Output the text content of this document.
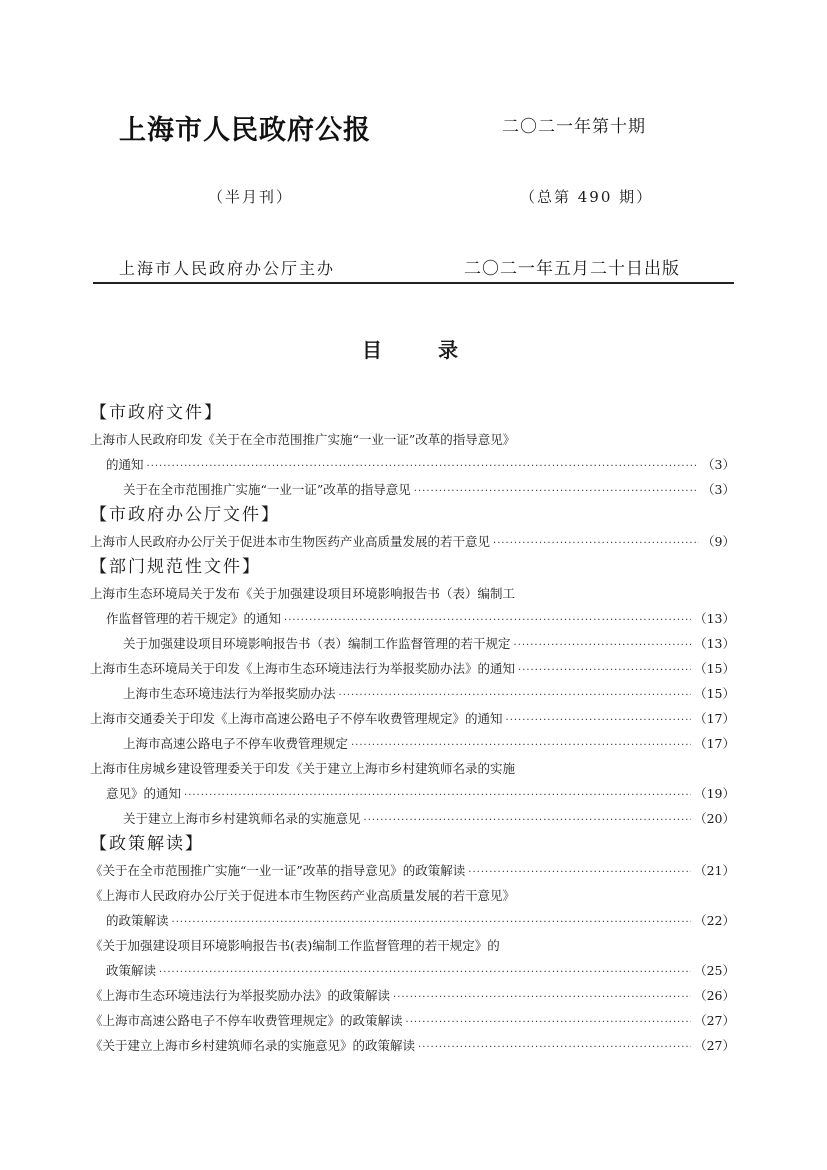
上海市人民政府公报	二〇二一年第十期
（半月刊）	（总第 490 期）
上海市人民政府办公厅主办	二〇二一年五月二十日出版
目	录
【市政府文件】
上海市人民政府印发《关于在全市范围推广实施“一业一证”改革的指导意见》
的通知 ·····	（3）
关于在全市范围推广实施“一业一证”改革的指导意见 ·····	（3）
【市政府办公厅文件】
上海市人民政府办公厅关于促进本市生物医药产业高质量发展的若干意见 ·····	（9）
【部门规范性文件】
上海市生态环境局关于发布《关于加强建设项目环境影响报告书（表）编制工
作监督管理的若干规定》的通知 ·····	（13）
关于加强建设项目环境影响报告书（表）编制工作监督管理的若干规定 ·····	（13）
上海市生态环境局关于印发《上海市生态环境违法行为举报奖励办法》的通知 ·····	（15）
上海市生态环境违法行为举报奖励办法 ·····	（15）
上海市交通委关于印发《上海市高速公路电子不停车收费管理规定》的通知 ·····	（17）
上海市高速公路电子不停车收费管理规定 ·····	（17）
上海市住房城乡建设管理委关于印发《关于建立上海市乡村建筑师名录的实施
意见》的通知 ·····	（19）
关于建立上海市乡村建筑师名录的实施意见 ·····	（20）
【政策解读】
《关于在全市范围推广实施“一业一证”改革的指导意见》的政策解读 ·····	（21）
《上海市人民政府办公厅关于促进本市生物医药产业高质量发展的若干意见》
的政策解读 ·····	（22）
《关于加强建设项目环境影响报告书(表)编制工作监督管理的若干规定》的
政策解读 ·····	（25）
《上海市生态环境违法行为举报奖励办法》的政策解读 ·····	（26）
《上海市高速公路电子不停车收费管理规定》的政策解读 ·····	（27）
《关于建立上海市乡村建筑师名录的实施意见》的政策解读 ·····	（27）
